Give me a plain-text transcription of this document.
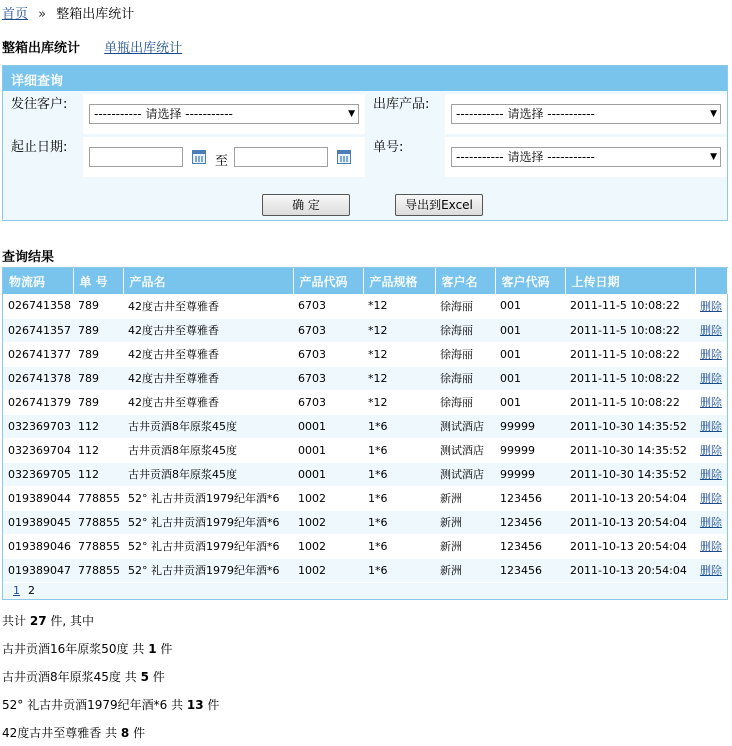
首页 » 整箱出库统计
整箱出库统计 单瓶出库统计
详细查询
发往客户:
----------- 请选择 -----------	▼
出库产品:
----------- 请选择 -----------	▼
起止日期:
至
单号:
----------- 请选择 -----------	▼
确 定	导出到Excel
查询结果
物流码	单 号	产品名	产品代码	产品规格	客户名	客户代码	上传日期	
026741358	789	42度古井至尊雅香	6703	*12	徐海丽	001	2011-11-5 10:08:22	删除
026741357	789	42度古井至尊雅香	6703	*12	徐海丽	001	2011-11-5 10:08:22	删除
026741377	789	42度古井至尊雅香	6703	*12	徐海丽	001	2011-11-5 10:08:22	删除
026741378	789	42度古井至尊雅香	6703	*12	徐海丽	001	2011-11-5 10:08:22	删除
026741379	789	42度古井至尊雅香	6703	*12	徐海丽	001	2011-11-5 10:08:22	删除
032369703	112	古井贡酒8年原浆45度	0001	1*6	测试酒店	99999	2011-10-30 14:35:52	删除
032369704	112	古井贡酒8年原浆45度	0001	1*6	测试酒店	99999	2011-10-30 14:35:52	删除
032369705	112	古井贡酒8年原浆45度	0001	1*6	测试酒店	99999	2011-10-30 14:35:52	删除
019389044	778855	52° 礼古井贡酒1979纪年酒*6	1002	1*6	新洲	123456	2011-10-13 20:54:04	删除
019389045	778855	52° 礼古井贡酒1979纪年酒*6	1002	1*6	新洲	123456	2011-10-13 20:54:04	删除
019389046	778855	52° 礼古井贡酒1979纪年酒*6	1002	1*6	新洲	123456	2011-10-13 20:54:04	删除
019389047	778855	52° 礼古井贡酒1979纪年酒*6	1002	1*6	新洲	123456	2011-10-13 20:54:04	删除
1 2
共计 27 件, 其中
古井贡酒16年原浆50度 共 1 件
古井贡酒8年原浆45度 共 5 件
52° 礼古井贡酒1979纪年酒*6 共 13 件
42度古井至尊雅香 共 8 件
